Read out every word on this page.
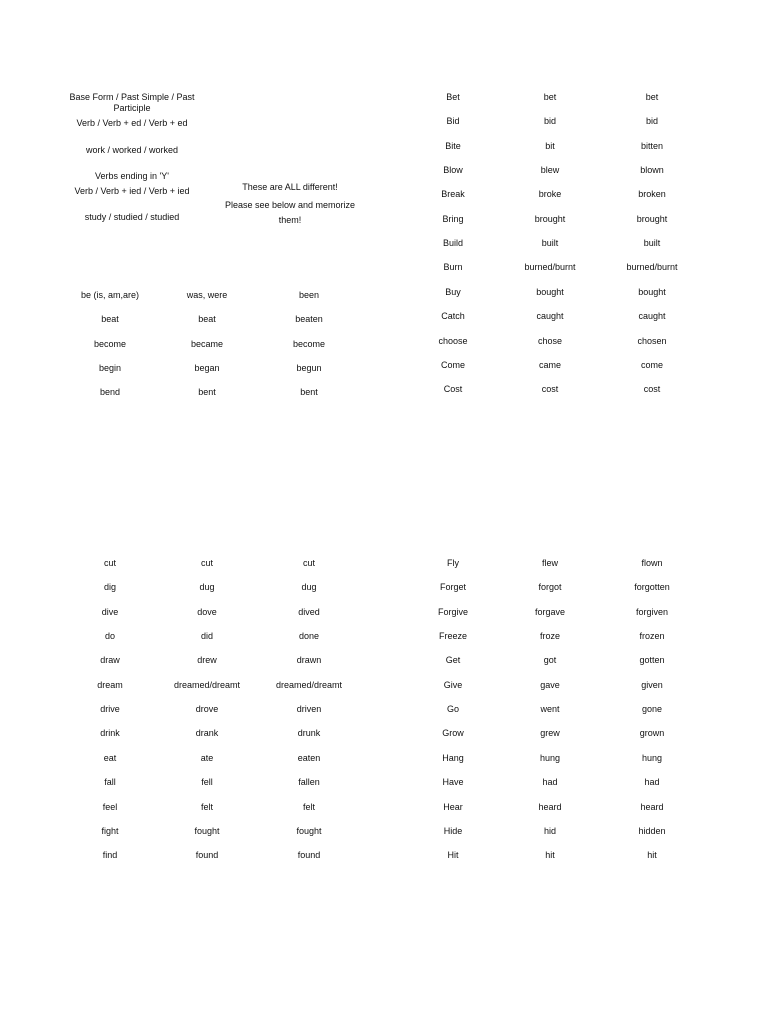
Base Form / Past Simple / Past Participle
Verb / Verb + ed / Verb + ed
work / worked / worked
Verbs ending in 'Y'
Verb / Verb + ied / Verb + ied
study / studied / studied
These are ALL different!
Please see below and memorize them!
be (is, am,are)	was, were	been
beat	beat	beaten
become	became	become
begin	began	begun
bend	bent	bent
Bet	bet	bet
Bid	bid	bid
Bite	bit	bitten
Blow	blew	blown
Break	broke	broken
Bring	brought	brought
Build	built	built
Burn	burned/burnt	burned/burnt
Buy	bought	bought
Catch	caught	caught
choose	chose	chosen
Come	came	come
Cost	cost	cost
cut	cut	cut
dig	dug	dug
dive	dove	dived
do	did	done
draw	drew	drawn
dream	dreamed/dreamt	dreamed/dreamt
drive	drove	driven
drink	drank	drunk
eat	ate	eaten
fall	fell	fallen
feel	felt	felt
fight	fought	fought
find	found	found
Fly	flew	flown
Forget	forgot	forgotten
Forgive	forgave	forgiven
Freeze	froze	frozen
Get	got	gotten
Give	gave	given
Go	went	gone
Grow	grew	grown
Hang	hung	hung
Have	had	had
Hear	heard	heard
Hide	hid	hidden
Hit	hit	hit
